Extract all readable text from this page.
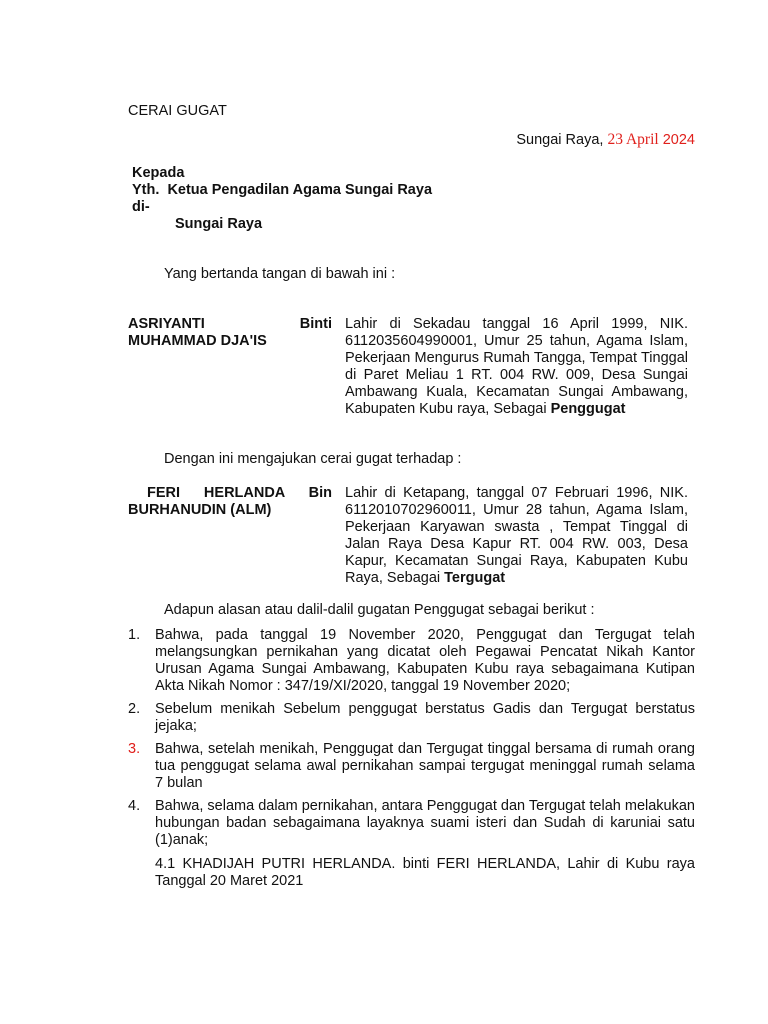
CERAI GUGAT
Sungai Raya, 23 April 2024
Kepada
Yth.  Ketua Pengadilan Agama Sungai Raya
di-
Sungai Raya
Yang bertanda tangan di bawah ini :
ASRIYANTI	Binti
MUHAMMAD DJA'IS
Lahir di Sekadau tanggal 16 April 1999, NIK. 6112035604990001, Umur 25 tahun, Agama Islam, Pekerjaan Mengurus Rumah Tangga, Tempat Tinggal di Paret Meliau 1 RT. 004 RW. 009, Desa Sungai Ambawang Kuala, Kecamatan Sungai Ambawang, Kabupaten Kubu raya, Sebagai Penggugat
Dengan ini mengajukan cerai gugat terhadap :
FERI HERLANDA Bin
BURHANUDIN (ALM)
Lahir di Ketapang, tanggal 07 Februari 1996, NIK. 6112010702960011, Umur 28 tahun, Agama Islam, Pekerjaan Karyawan swasta , Tempat Tinggal di Jalan Raya Desa Kapur RT. 004 RW. 003, Desa Kapur, Kecamatan Sungai Raya, Kabupaten Kubu Raya, Sebagai Tergugat
Adapun alasan atau dalil-dalil gugatan Penggugat sebagai berikut :
1. Bahwa, pada tanggal 19 November 2020, Penggugat dan Tergugat telah melangsungkan pernikahan yang dicatat oleh Pegawai Pencatat Nikah Kantor Urusan Agama Sungai Ambawang, Kabupaten Kubu raya sebagaimana Kutipan Akta Nikah Nomor : 347/19/XI/2020, tanggal 19 November 2020;
2. Sebelum menikah Sebelum penggugat berstatus Gadis dan Tergugat berstatus jejaka;
3. Bahwa, setelah menikah, Penggugat dan Tergugat tinggal bersama di rumah orang tua penggugat selama awal pernikahan sampai tergugat meninggal rumah selama 7 bulan
4. Bahwa, selama dalam pernikahan, antara Penggugat dan Tergugat telah melakukan hubungan badan sebagaimana layaknya suami isteri dan Sudah di karuniai satu (1)anak;
4.1 KHADIJAH PUTRI HERLANDA. binti FERI HERLANDA, Lahir di Kubu raya Tanggal 20 Maret 2021
